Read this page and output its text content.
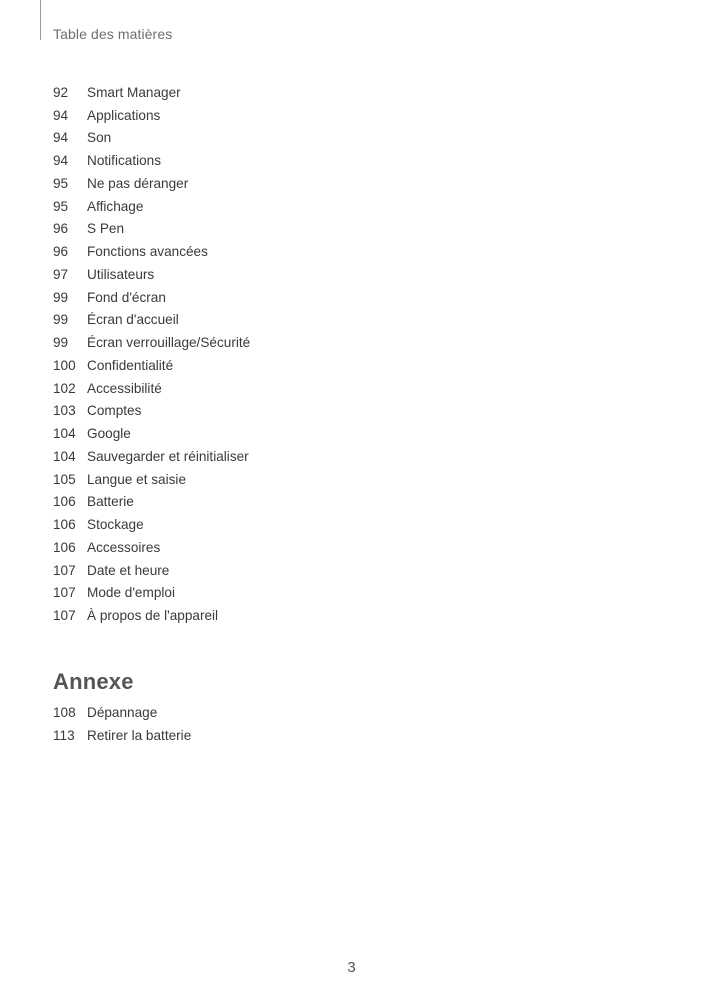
Table des matières
92	Smart Manager
94	Applications
94	Son
94	Notifications
95	Ne pas déranger
95	Affichage
96	S Pen
96	Fonctions avancées
97	Utilisateurs
99	Fond d'écran
99	Écran d'accueil
99	Écran verrouillage/Sécurité
100 Confidentialité
102 Accessibilité
103 Comptes
104 Google
104 Sauvegarder et réinitialiser
105 Langue et saisie
106 Batterie
106 Stockage
106 Accessoires
107 Date et heure
107 Mode d'emploi
107 À propos de l'appareil
Annexe
108 Dépannage
113 Retirer la batterie
3
